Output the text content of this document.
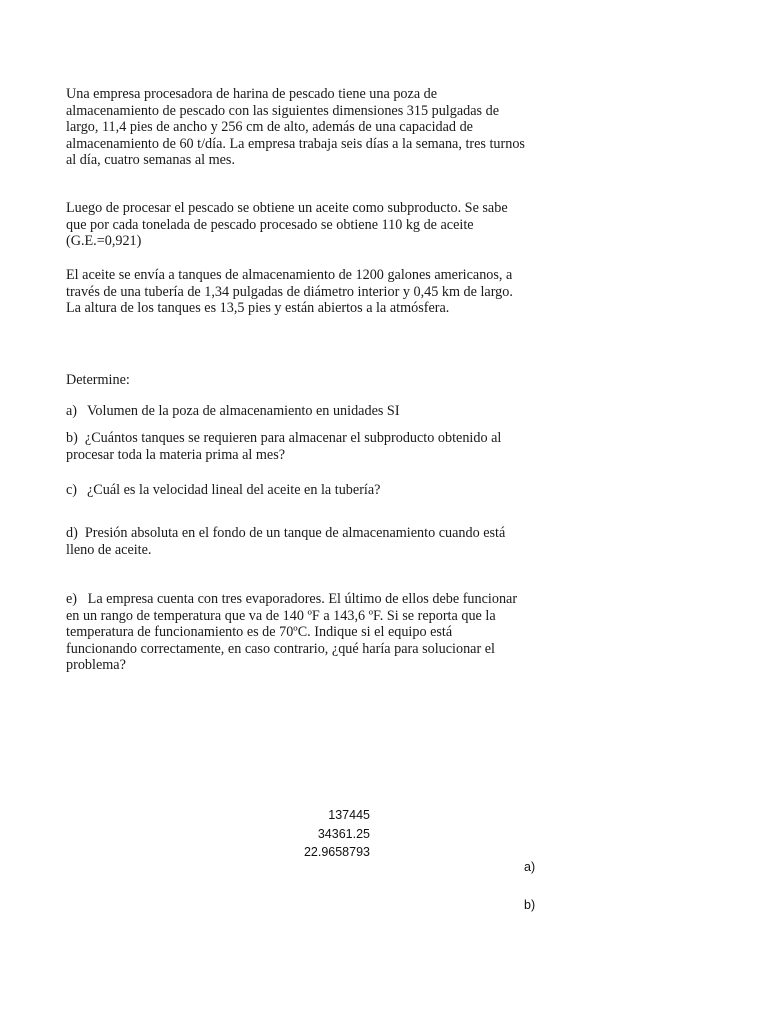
Una empresa procesadora de harina de pescado tiene una poza de almacenamiento de pescado con las siguientes dimensiones 315 pulgadas de largo, 11,4 pies de ancho y 256 cm de alto, además de una capacidad de almacenamiento de 60 t/día. La empresa trabaja seis días a la semana, tres turnos al día, cuatro semanas al mes.

Luego de procesar el pescado se obtiene un aceite como subproducto. Se sabe que por cada tonelada de pescado procesado se obtiene 110 kg de aceite (G.E.=0,921)

El aceite se envía a tanques de almacenamiento de 1200 galones americanos, a través de una tubería de 1,34 pulgadas de diámetro interior y 0,45 km de largo. La altura de los tanques es 13,5 pies y están abiertos a la atmósfera.

Determine:

a) Volumen de la poza de almacenamiento en unidades SI

b) ¿Cuántos tanques se requieren para almacenar el subproducto obtenido al procesar toda la materia prima al mes?

c) ¿Cuál es la velocidad lineal del aceite en la tubería?

d) Presión absoluta en el fondo de un tanque de almacenamiento cuando está lleno de aceite.

e) La empresa cuenta con tres evaporadores. El último de ellos debe funcionar en un rango de temperatura que va de 140 ºF a 143,6 ºF. Si se reporta que la temperatura de funcionamiento es de 70ºC. Indique si el equipo está funcionando correctamente, en caso contrario, ¿qué haría para solucionar el problema?

137445
34361.25
22.9658793
a)
b)
